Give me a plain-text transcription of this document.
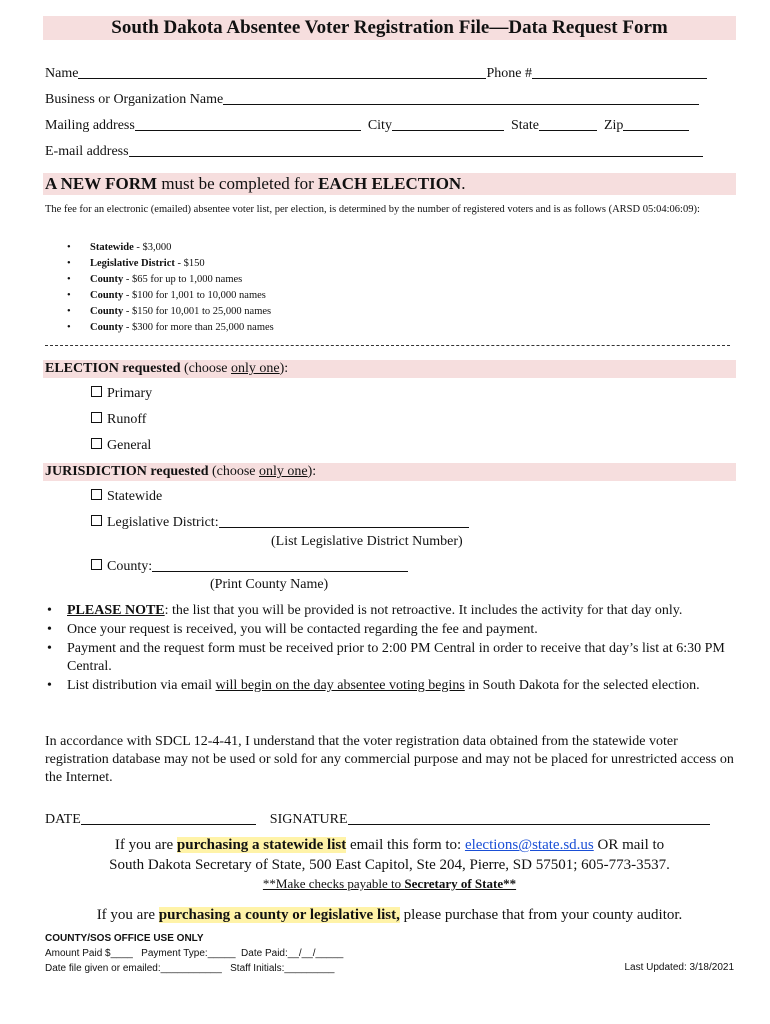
South Dakota Absentee Voter Registration File—Data Request Form
Name	Phone #
Business or Organization Name
Mailing address	City	State	Zip
E-mail address
A NEW FORM must be completed for EACH ELECTION.
The fee for an electronic (emailed) absentee voter list, per election, is determined by the number of registered voters and is as follows (ARSD 05:04:06:09):
• Statewide - $3,000
• Legislative District - $150
• County - $65 for up to 1,000 names
• County - $100 for 1,001 to 10,000 names
• County - $150 for 10,001 to 25,000 names
• County - $300 for more than 25,000 names
ELECTION requested (choose only one):
Primary
Runoff
General
JURISDICTION requested (choose only one):
Statewide
Legislative District:
(List Legislative District Number)
County:
(Print County Name)
• PLEASE NOTE: the list that you will be provided is not retroactive. It includes the activity for that day only.
• Once your request is received, you will be contacted regarding the fee and payment.
• Payment and the request form must be received prior to 2:00 PM Central in order to receive that day’s list at 6:30 PM Central.
• List distribution via email will begin on the day absentee voting begins in South Dakota for the selected election.
In accordance with SDCL 12-4-41, I understand that the voter registration data obtained from the statewide voter registration database may not be used or sold for any commercial purpose and may not be placed for unrestricted access on the Internet.
DATE	SIGNATURE
If you are purchasing a statewide list email this form to: elections@state.sd.us OR mail to
South Dakota Secretary of State, 500 East Capitol, Ste 204, Pierre, SD 57501; 605-773-3537.
**Make checks payable to Secretary of State**
If you are purchasing a county or legislative list, please purchase that from your county auditor.
COUNTY/SOS OFFICE USE ONLY
Amount Paid $____   Payment Type:_____  Date Paid:__/__/_____
Date file given or emailed:___________   Staff Initials:_________	Last Updated: 3/18/2021
